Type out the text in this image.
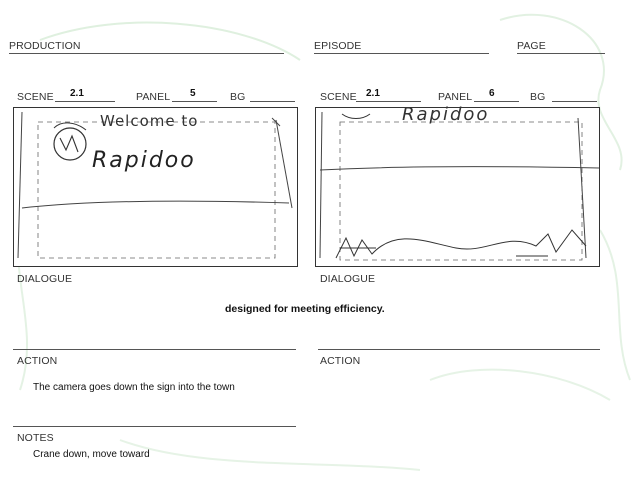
PRODUCTION	EPISODE	PAGE
SCENE 2.1	PANEL 5	BG
Welcome to
Rapidoo
DIALOGUE
designed for meeting efficiency.
ACTION
The camera goes down the sign into the town
NOTES
Crane down, move toward
SCENE 2.1	PANEL 6	BG
Rapidoo
DIALOGUE
ACTION
